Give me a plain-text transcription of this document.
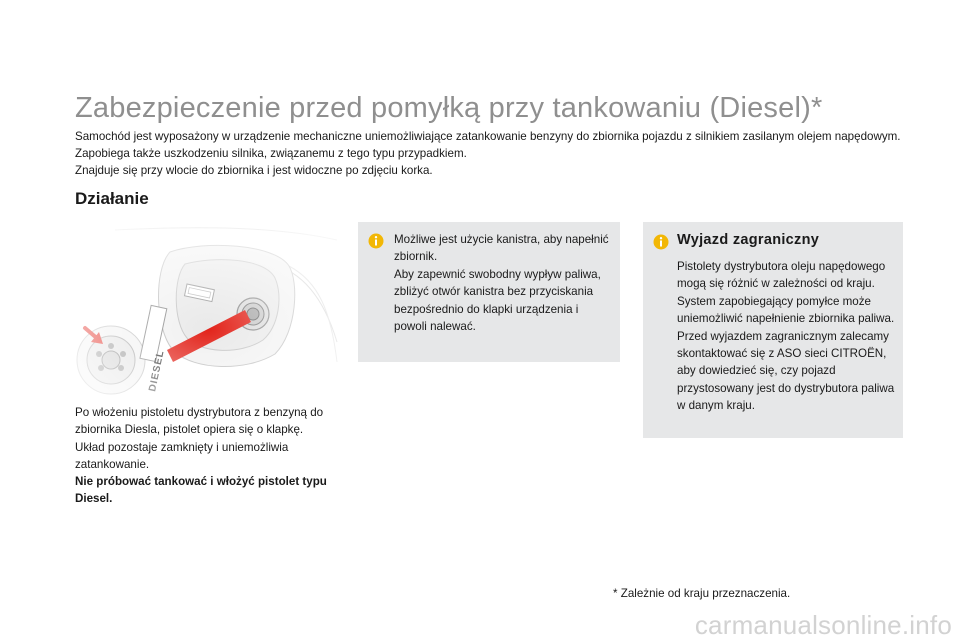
Zabezpieczenie przed pomyłką przy tankowaniu (Diesel)*

Samochód jest wyposażony w urządzenie mechaniczne uniemożliwiające zatankowanie benzyny do zbiornika pojazdu z silnikiem zasilanym olejem napędowym. Zapobiega także uszkodzeniu silnika, związanemu z tego typu przypadkiem.

Znajduje się przy wlocie do zbiornika i jest widoczne po zdjęciu korka.

Działanie

Po włożeniu pistoletu dystrybutora z benzyną do zbiornika Diesla, pistolet opiera się o klapkę.

Układ pozostaje zamknięty i uniemożliwia zatankowanie.

Nie próbować tankować i włożyć pistolet typu Diesel.

Możliwe jest użycie kanistra, aby napełnić zbiornik.

Aby zapewnić swobodny wypływ paliwa, zbliżyć otwór kanistra bez przyciskania bezpośrednio do klapki urządzenia i powoli nalewać.

Wyjazd zagraniczny

Pistolety dystrybutora oleju napędowego mogą się różnić w zależności od kraju. System zapobiegający pomyłce może uniemożliwić napełnienie zbiornika paliwa.

Przed wyjazdem zagranicznym zalecamy skontaktować się z ASO sieci CITROËN, aby dowiedzieć się, czy pojazd przystosowany jest do dystrybutora paliwa w danym kraju.

* Zależnie od kraju przeznaczenia.
carmanualsonline.info
